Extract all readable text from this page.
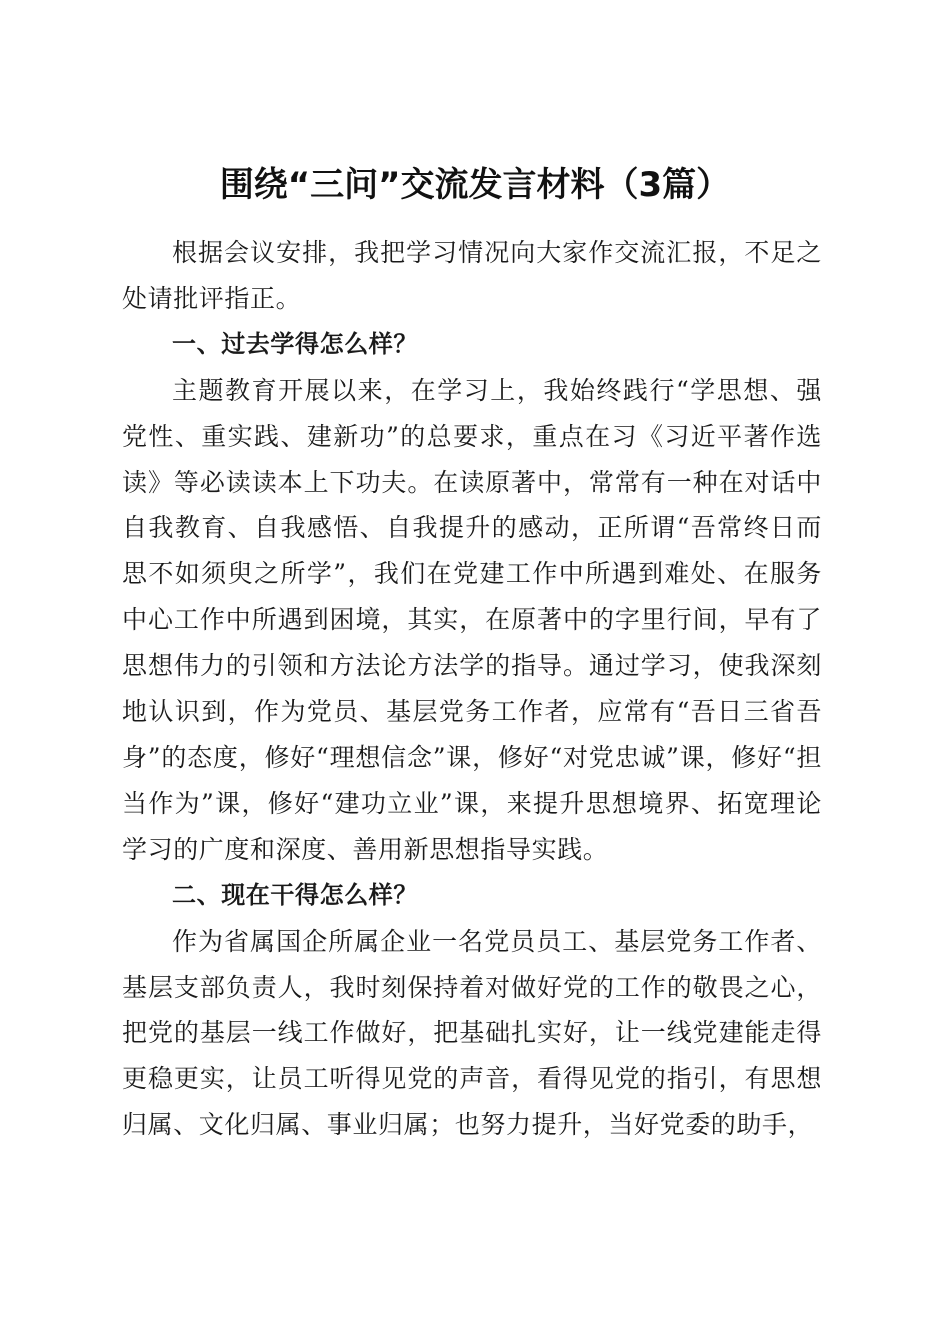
围绕“三问”交流发言材料（3篇）

根据会议安排，我把学习情况向大家作交流汇报，不足之处请批评指正。

一、过去学得怎么样？

主题教育开展以来，在学习上，我始终践行“学思想、强党性、重实践、建新功”的总要求，重点在习《习近平著作选读》等必读读本上下功夫。在读原著中，常常有一种在对话中自我教育、自我感悟、自我提升的感动，正所谓“吾常终日而思不如须臾之所学”，我们在党建工作中所遇到难处、在服务中心工作中所遇到困境，其实，在原著中的字里行间，早有了思想伟力的引领和方法论方法学的指导。通过学习，使我深刻地认识到，作为党员、基层党务工作者，应常有“吾日三省吾身”的态度，修好“理想信念”课，修好“对党忠诚”课，修好“担当作为”课，修好“建功立业”课，来提升思想境界、拓宽理论学习的广度和深度、善用新思想指导实践。

二、现在干得怎么样？

作为省属国企所属企业一名党员员工、基层党务工作者、基层支部负责人，我时刻保持着对做好党的工作的敬畏之心，把党的基层一线工作做好，把基础扎实好，让一线党建能走得更稳更实，让员工听得见党的声音，看得见党的指引，有思想归属、文化归属、事业归属；也努力提升，当好党委的助手，
